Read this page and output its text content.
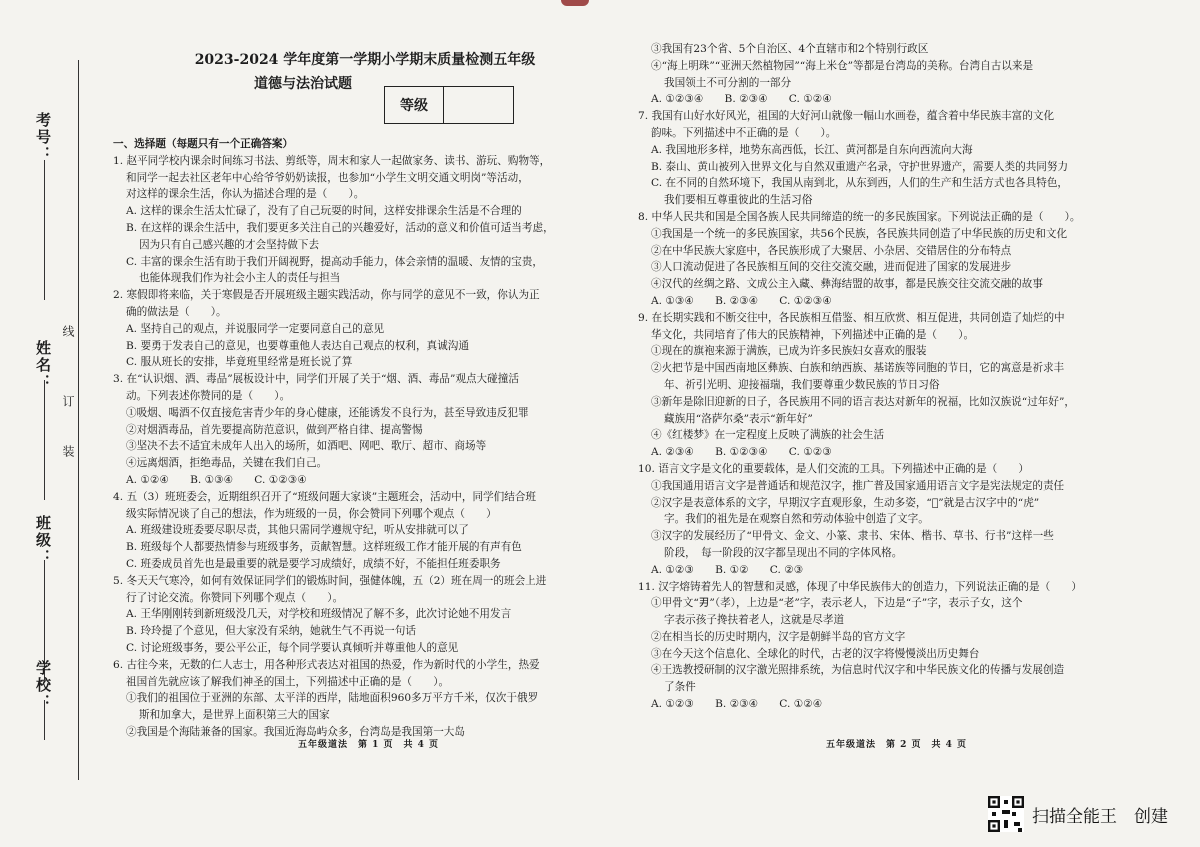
考号：
姓名：
班级：
学校：
线
订
装
2023-2024 学年度第一学期小学期末质量检测五年级
道德与法治试题
等级
一、选择题（每题只有一个正确答案）
1. 赵平同学校内课余时间练习书法、剪纸等，周末和家人一起做家务、读书、游玩、购物等，
和同学一起去社区老年中心给爷爷奶奶读报，也参加“小学生文明交通文明岗”等活动，
对这样的课余生活，你认为描述合理的是（　　）。
A. 这样的课余生活太忙碌了，没有了自己玩耍的时间，这样安排课余生活是不合理的
B. 在这样的课余生活中，我们要更多关注自己的兴趣爱好，活动的意义和价值可适当考虑，
因为只有自己感兴趣的才会坚持做下去
C. 丰富的课余生活有助于我们开阔视野，提高动手能力，体会亲情的温暖、友情的宝贵，
也能体现我们作为社会小主人的责任与担当
2. 寒假即将来临，关于寒假是否开展班级主题实践活动，你与同学的意见不一致，你认为正
确的做法是（　　）。
A. 坚持自己的观点，并说服同学一定要同意自己的意见
B. 要勇于发表自己的意见，也要尊重他人表达自己观点的权利，真诚沟通
C. 服从班长的安排，毕竟班里经常是班长说了算
3. 在“认识烟、酒、毒品”展板设计中，同学们开展了关于“烟、酒、毒品”观点大碰撞活
动。下列表述你赞同的是（　　）。
①吸烟、喝酒不仅直接危害青少年的身心健康，还能诱发不良行为，甚至导致违反犯罪
②对烟酒毒品，首先要提高防范意识，做到严格自律、提高警惕
③坚决不去不适宜未成年人出入的场所，如酒吧、网吧、歌厅、超市、商场等
④远离烟酒，拒绝毒品，关键在我们自己。
A. ①②④　　B. ①③④　　C. ①②③④
4. 五（3）班班委会，近期组织召开了“班级问题大家谈”主题班会，活动中，同学们结合班
级实际情况谈了自己的想法，作为班级的一员，你会赞同下列哪个观点（　　）
A. 班级建设班委要尽职尽责，其他只需同学遵规守纪，听从安排就可以了
B. 班级每个人都要热情参与班级事务，贡献智慧。这样班级工作才能开展的有声有色
C. 班委成员首先也是最重要的就是要学习成绩好，成绩不好，不能担任班委职务
5. 冬天天气寒冷，如何有效保证同学们的锻炼时间，强健体魄，五（2）班在周一的班会上进
行了讨论交流。你赞同下列哪个观点（　　）。
A. 王华刚刚转到新班级没几天，对学校和班级情况了解不多，此次讨论她不用发言
B. 玲玲提了个意见，但大家没有采纳，她就生气不再说一句话
C. 讨论班级事务，要公平公正，每个同学要认真倾听并尊重他人的意见
6. 古往今来，无数的仁人志士，用各种形式表达对祖国的热爱，作为新时代的小学生，热爱
祖国首先就应该了解我们神圣的国土，下列描述中正确的是（　　）。
①我们的祖国位于亚洲的东部、太平洋的西岸，陆地面积960多万平方千米，仅次于俄罗
斯和加拿大，是世界上面积第三大的国家
②我国是个海陆兼备的国家。我国近海岛屿众多，台湾岛是我国第一大岛
③我国有23个省、5个自治区、4个直辖市和2个特别行政区
④“海上明珠”“亚洲天然植物园”“海上米仓”等都是台湾岛的美称。台湾自古以来是
我国领土不可分割的一部分
A. ①②③④　　B. ②③④　　C. ①②④
7. 我国有山好水好风光，祖国的大好河山就像一幅山水画卷，蕴含着中华民族丰富的文化
韵味。下列描述中不正确的是（　　）。
A. 我国地形多样，地势东高西低，长江、黄河都是自东向西流向大海
B. 泰山、黄山被列入世界文化与自然双重遗产名录，守护世界遗产，需要人类的共同努力
C. 在不同的自然环境下，我国从南到北，从东到西，人们的生产和生活方式也各具特色，
我们要相互尊重彼此的生活习俗
8. 中华人民共和国是全国各族人民共同缔造的统一的多民族国家。下列说法正确的是（　　）。
①我国是一个统一的多民族国家，共56个民族，各民族共同创造了中华民族的历史和文化
②在中华民族大家庭中，各民族形成了大聚居、小杂居、交错居住的分布特点
③人口流动促进了各民族相互间的交往交流交融，进而促进了国家的发展进步
④汉代的丝绸之路、文成公主入藏、彝海结盟的故事，都是民族交往交流交融的故事
A. ①③④　　B. ②③④　　C. ①②③④
9. 在长期实践和不断交往中，各民族相互借鉴、相互欣赏、相互促进，共同创造了灿烂的中
华文化，共同培育了伟大的民族精神，下列描述中正确的是（　　）。
①现在的旗袍来源于满族，已成为许多民族妇女喜欢的服装
②火把节是中国西南地区彝族、白族和纳西族、基诺族等同胞的节日，它的寓意是祈求丰
年、祈引光明、迎接福瑞，我们要尊重少数民族的节日习俗
③新年是除旧迎新的日子，各民族用不同的语言表达对新年的祝福，比如汉族说“过年好”，
藏族用“洛萨尔桑”表示“新年好”
④《红楼梦》在一定程度上反映了满族的社会生活
A. ②③④　　B. ①②③④　　C. ①②③
10. 语言文字是文化的重要载体，是人们交流的工具。下列描述中正确的是（　　）
①我国通用语言文字是普通话和规范汉字，推广普及国家通用语言文字是宪法规定的责任
②汉字是表意体系的文字，早期汉字直观形象，生动多姿，“𫝀”就是古汉字中的“虎”
字。我们的祖先是在观察自然和劳动体验中创造了文字。
③汉字的发展经历了“甲骨文、金文、小篆、隶书、宋体、楷书、草书、行书”这样一些
阶段，　每一阶段的汉字都呈现出不同的字体风格。
A. ①②③　　B. ①②　　C. ②③
11. 汉字熔铸着先人的智慧和灵感，体现了中华民族伟大的创造力，下列说法正确的是（　　）
①甲骨文“𭃂”（孝），上边是“老”字，表示老人，下边是“子”字，表示子女，这个
字表示孩子搀扶着老人，这就是尽孝道
②在相当长的历史时期内，汉字是朝鲜半岛的官方文字
③在今天这个信息化、全球化的时代，古老的汉字将慢慢淡出历史舞台
④王选教授研制的汉字激光照排系统，为信息时代汉字和中华民族文化的传播与发展创造
了条件
A. ①②③　　B. ②③④　　C. ①②④
五年级道法　第 1 页　共 4 页	五年级道法　第 2 页　共 4 页
扫描全能王　创建
